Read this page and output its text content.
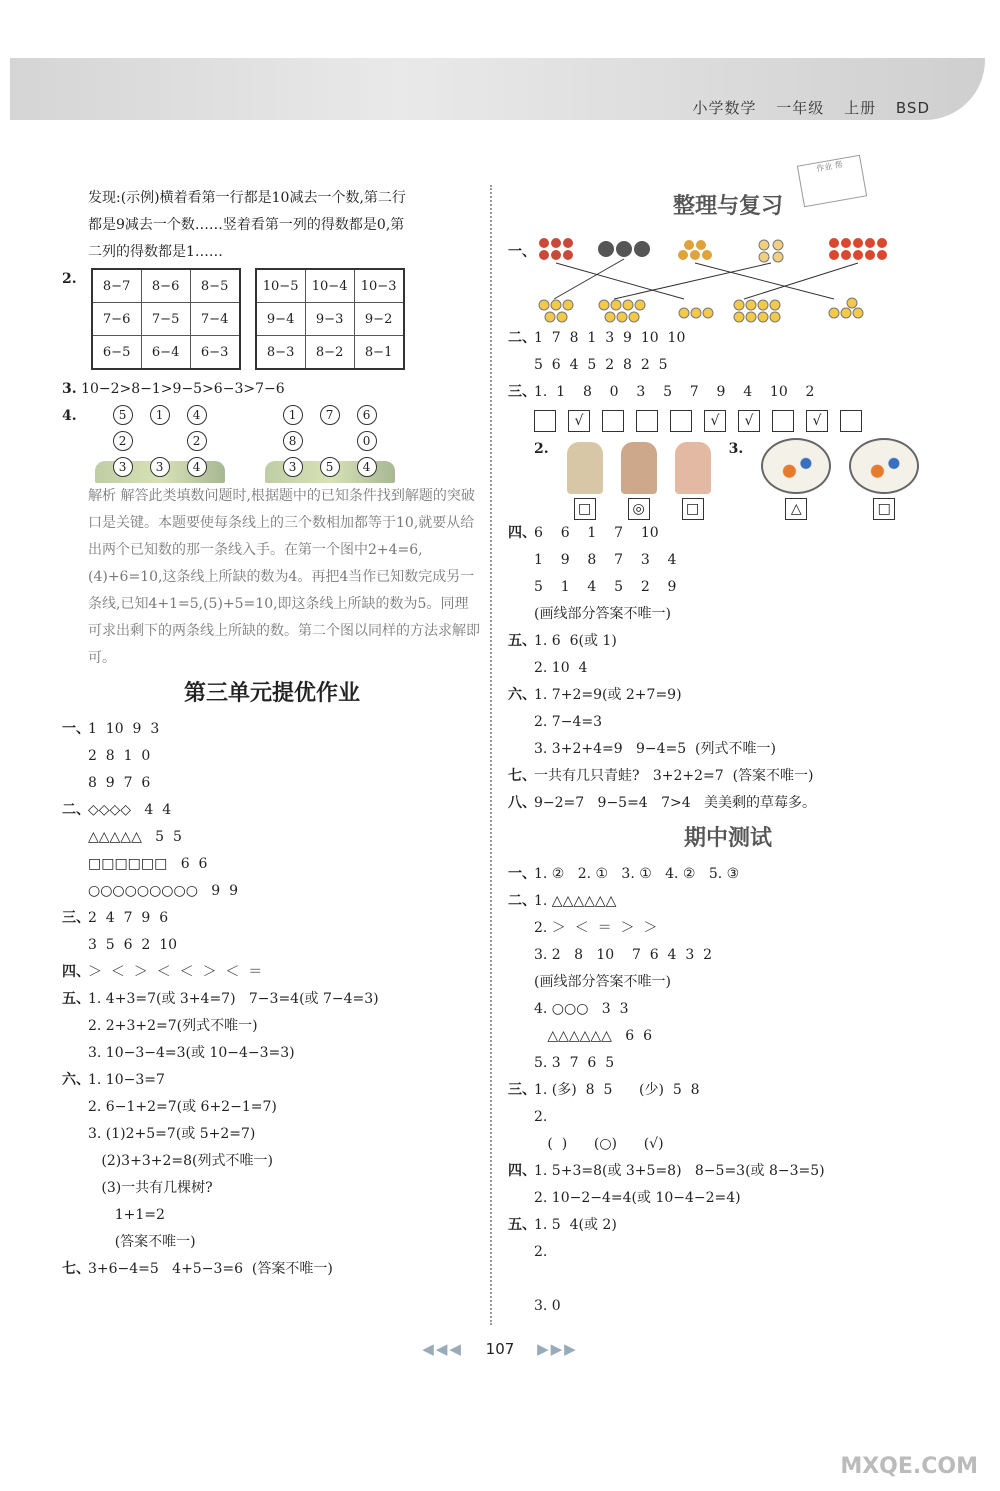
小学数学 一年级 上册 BSD
作业 帮
发现:(示例)横着看第一行都是10减去一个数,第二行
都是9减去一个数……竖着看第一列的得数都是0,第
二列的得数都是1……
2. 8−7	8−6	8−5
7−6	7−5	7−4
6−5	6−4	6−3
10−5	10−4	10−3
9−4	9−3	9−2
8−3	8−2	8−1
3. 10−2>8−1>9−5>6−3>7−6
4.	5	1	4
2	2
3	3	4
1	7	6
8	0
3	5	4
解析 解答此类填数问题时,根据题中的已知条件找到解题的突破口是关键。本题要使每条线上的三个数相加都等于10,就要从给出两个已知数的那一条线入手。在第一个图中2+4=6,(4)+6=10,这条线上所缺的数为4。再把4当作已知数完成另一条线,已知4+1=5,(5)+5=10,即这条线上所缺的数为5。同理可求出剩下的两条线上所缺的数。第二个图以同样的方法求解即可。
第三单元提优作业
一、1  10  9  3
2  8  1  0
8  9  7  6
二、◇◇◇◇   4  4
△△△△△   5  5
□□□□□□   6  6
○○○○○○○○○   9  9
三、2  4  7  9  6
3  5  6  2  10
四、＞  ＜  ＞  ＜  ＜  ＞  ＜  ＝
五、1. 4+3=7(或 3+4=7)   7−3=4(或 7−4=3)
2. 2+3+2=7(列式不唯一)
3. 10−3−4=3(或 10−4−3=3)
六、1. 10−3=7
2. 6−1+2=7(或 6+2−1=7)
3. (1)2+5=7(或 5+2=7)
(2)3+3+2=8(列式不唯一)
(3)一共有几棵树?
1+1=2
(答案不唯一)
七、3+6−4=5   4+5−3=6  (答案不唯一)
整理与复习
一、
二、1  7  8  1  3  9  10  10
5  6  4  5  2  8  2  5
三、1.  1    8    0    3    5    7    9    4    10    2
√	√	√	√
2.
□	◎	□
3.
△	□
四、6    6    1    7    10
1    9    8    7    3    4
5    1    4    5    2    9
(画线部分答案不唯一)
五、1. 6  6(或 1)
2. 10  4
六、1. 7+2=9(或 2+7=9)
2. 7−4=3
3. 3+2+4=9   9−4=5  (列式不唯一)
七、一共有几只青蛙?   3+2+2=7  (答案不唯一)
八、9−2=7   9−5=4   7>4   美美剩的草莓多。
期中测试
一、1. ②   2. ①   3. ①   4. ②   5. ③
二、1. △△△△△△
2. ＞  ＜  ＝  ＞  ＞
3. 2   8   10    7  6  4  3  2
(画线部分答案不唯一)
4. ○○○   3  3
△△△△△△   6  6
5. 3  7  6  5
三、1. (多)  8  5      (少)  5  8
2.
(  )      (○)      (√)
四、1. 5+3=8(或 3+5=8)   8−5=3(或 8−3=5)
2. 10−2−4=4(或 10−4−2=4)
五、1. 5  4(或 2)
2.
3. 0
◀◀◀ 107 ▶▶▶
MXQE.COM
